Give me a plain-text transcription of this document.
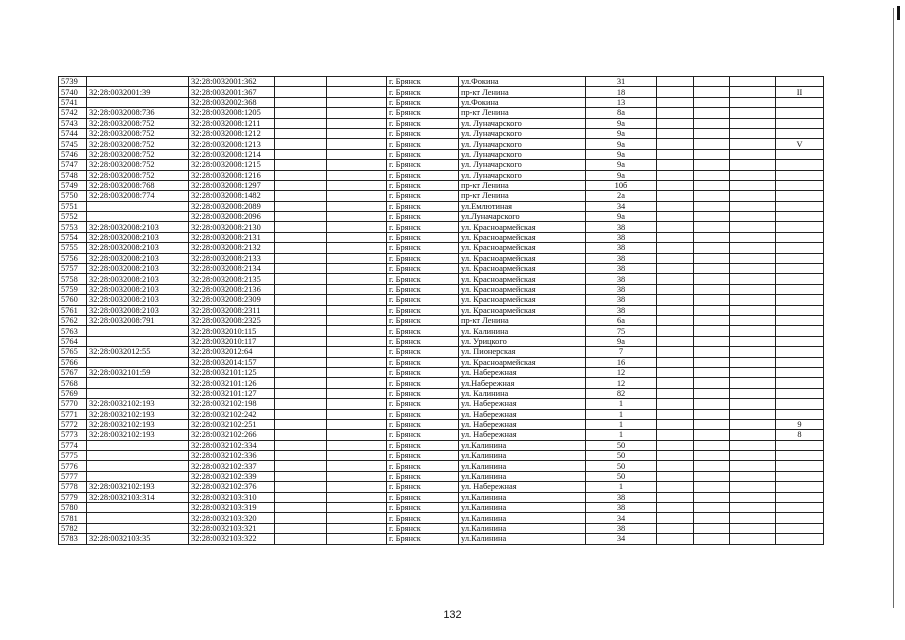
5739		32:28:0032001:362			г. Брянск	ул.Фокина	31				
5740	32:28:0032001:39	32:28:0032001:367			г. Брянск	пр-кт Ленина	18				II
5741		32:28:0032002:368			г. Брянск	ул.Фокина	13				
5742	32:28:0032008:736	32:28:0032008:1205			г. Брянск	пр-кт Ленина	8а				
5743	32:28:0032008:752	32:28:0032008:1211			г. Брянск	ул. Луначарского	9а				
5744	32:28:0032008:752	32:28:0032008:1212			г. Брянск	ул. Луначарского	9а				
5745	32:28:0032008:752	32:28:0032008:1213			г. Брянск	ул. Луначарского	9а				V
5746	32:28:0032008:752	32:28:0032008:1214			г. Брянск	ул. Луначарского	9а				
5747	32:28:0032008:752	32:28:0032008:1215			г. Брянск	ул. Луначарского	9а				
5748	32:28:0032008:752	32:28:0032008:1216			г. Брянск	ул. Луначарского	9а				
5749	32:28:0032008:768	32:28:0032008:1297			г. Брянск	пр-кт Ленина	10б				
5750	32:28:0032008:774	32:28:0032008:1482			г. Брянск	пр-кт Ленина	2а				
5751		32:28:0032008:2089			г. Брянск	ул.Емлютиная	34				
5752		32:28:0032008:2096			г. Брянск	ул.Луначарского	9а				
5753	32:28:0032008:2103	32:28:0032008:2130			г. Брянск	ул. Красноармейская	38				
5754	32:28:0032008:2103	32:28:0032008:2131			г. Брянск	ул. Красноармейская	38				
5755	32:28:0032008:2103	32:28:0032008:2132			г. Брянск	ул. Красноармейская	38				
5756	32:28:0032008:2103	32:28:0032008:2133			г. Брянск	ул. Красноармейская	38				
5757	32:28:0032008:2103	32:28:0032008:2134			г. Брянск	ул. Красноармейская	38				
5758	32:28:0032008:2103	32:28:0032008:2135			г. Брянск	ул. Красноармейская	38				
5759	32:28:0032008:2103	32:28:0032008:2136			г. Брянск	ул. Красноармейская	38				
5760	32:28:0032008:2103	32:28:0032008:2309			г. Брянск	ул. Красноармейская	38				
5761	32:28:0032008:2103	32:28:0032008:2311			г. Брянск	ул. Красноармейская	38				
5762	32:28:0032008:791	32:28:0032008:2325			г. Брянск	пр-кт Ленина	6а				
5763		32:28:0032010:115			г. Брянск	ул. Калинина	75				
5764		32:28:0032010:117			г. Брянск	ул. Урицкого	9а				
5765	32:28:0032012:55	32:28:0032012:64			г. Брянск	ул. Пионерская	7				
5766		32:28:0032014:157			г. Брянск	ул. Красноармейская	16				
5767	32:28:0032101:59	32:28:0032101:125			г. Брянск	ул. Набережная	12				
5768		32:28:0032101:126			г. Брянск	ул.Набережная	12				
5769		32:28:0032101:127			г. Брянск	ул. Калинина	82				
5770	32:28:0032102:193	32:28:0032102:198			г. Брянск	ул. Набережная	1				
5771	32:28:0032102:193	32:28:0032102:242			г. Брянск	ул. Набережная	1				
5772	32:28:0032102:193	32:28:0032102:251			г. Брянск	ул. Набережная	1				9
5773	32:28:0032102:193	32:28:0032102:266			г. Брянск	ул. Набережная	1				8
5774		32:28:0032102:334			г. Брянск	ул.Калинина	50				
5775		32:28:0032102:336			г. Брянск	ул.Калинина	50				
5776		32:28:0032102:337			г. Брянск	ул.Калинина	50				
5777		32:28:0032102:339			г. Брянск	ул.Калинина	50				
5778	32:28:0032102:193	32:28:0032102:376			г. Брянск	ул. Набережная	1				
5779	32:28:0032103:314	32:28:0032103:310			г. Брянск	ул.Калинина	38				
5780		32:28:0032103:319			г. Брянск	ул.Калинина	38				
5781		32:28:0032103:320			г. Брянск	ул.Калинина	34				
5782		32:28:0032103:321			г. Брянск	ул.Калинина	38				
5783	32:28:0032103:35	32:28:0032103:322			г. Брянск	ул.Калинина	34				
132
